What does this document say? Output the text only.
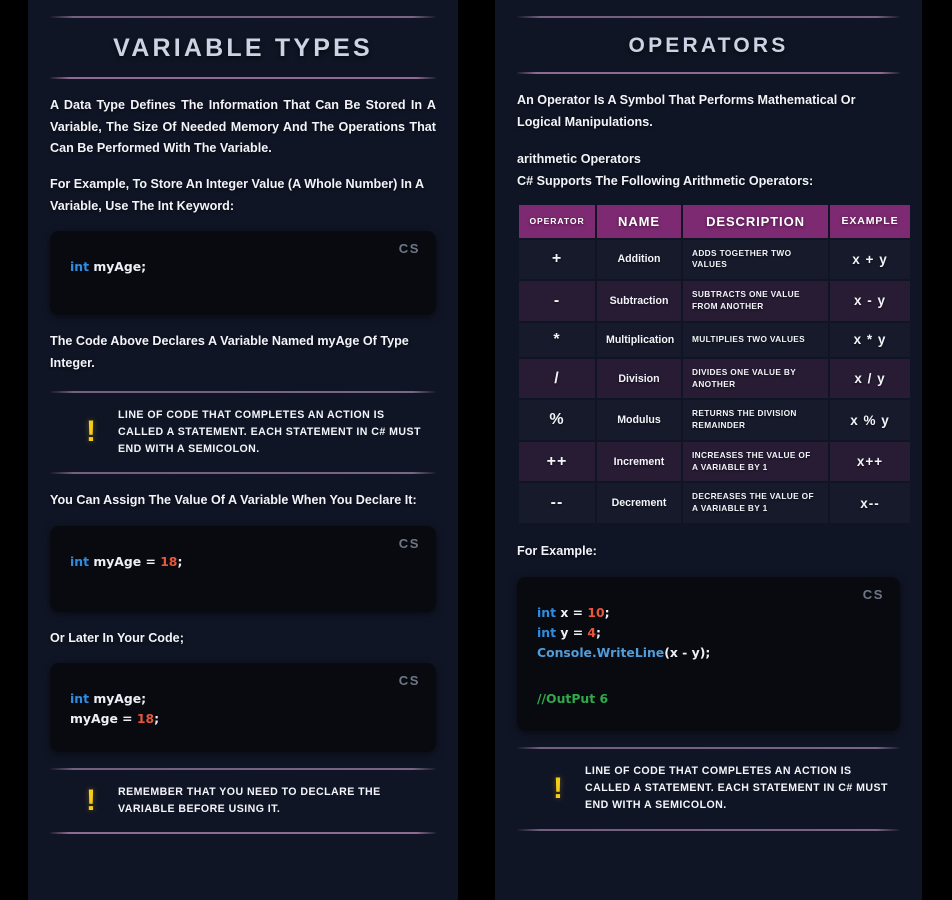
VARIABLE TYPES

A Data Type Defines The Information That Can Be Stored In A Variable, The Size Of Needed Memory And The Operations That Can Be Performed With The Variable.

For Example, To Store An Integer Value (A Whole Number) In A Variable, Use The Int Keyword:

CS
int myAge;

The Code Above Declares A Variable Named myAge Of Type Integer.

!
LINE OF CODE THAT COMPLETES AN ACTION IS CALLED A STATEMENT. EACH STATEMENT IN C# MUST END WITH A SEMICOLON.

You Can Assign The Value Of A Variable When You Declare It:

CS
int myAge = 18;

Or Later In Your Code;

CS
int myAge;
myAge = 18;
! REMEMBER THAT YOU NEED TO DECLARE THE VARIABLE BEFORE USING IT.
OPERATORS

An Operator Is A Symbol That Performs Mathematical Or Logical Manipulations.

arithmetic Operators

C# Supports The Following Arithmetic Operators:

OPERATOR	NAME	DESCRIPTION	EXAMPLE
+	Addition	ADDS TOGETHER TWO VALUES	x + y
-	Subtraction	SUBTRACTS ONE VALUE FROM ANOTHER	x - y
*	Multiplication	MULTIPLIES TWO VALUES	x * y
/	Division	DIVIDES ONE VALUE BY ANOTHER	x / y
%	Modulus	RETURNS THE DIVISION REMAINDER	x % y
++	Increment	INCREASES THE VALUE OF A VARIABLE BY 1	x++
--	Decrement	DECREASES THE VALUE OF A VARIABLE BY 1	x--

For Example:

CS
int x = 10;
int y = 4;
Console.WriteLine(x - y);

//OutPut 6
!
LINE OF CODE THAT COMPLETES AN ACTION IS CALLED A STATEMENT. EACH STATEMENT IN C# MUST END WITH A SEMICOLON.
